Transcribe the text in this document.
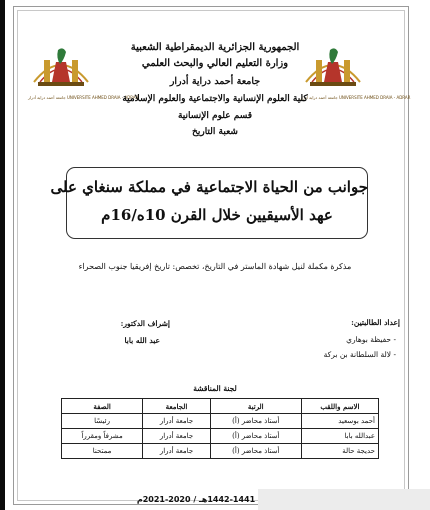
جامعة أحمد دراية أدرار UNIVERSITE AHMED DRAIA - ADRAR	جامعة أحمد دراية أدرار UNIVERSITE AHMED DRAIA - ADRAR
الجمهورية الجزائرية الديمقراطية الشعبية
وزارة التعليم العالي والبحث العلمي
جامعة أحمد دراية أدرار
كلية العلوم الإنسانية والاجتماعية والعلوم الإسلامية
قسم علوم الإنسانية
شعبة التاريخ
جوانب من الحياة الاجتماعية في مملكة سنغاي على
عهد الأسيقيين خلال القرن 10ه/16م
مذكرة مكملة لنيل شهادة الماستر في التاريخ، تخصص: تاريخ إفريقيا جنوب الصحراء
إعداد الطالبتين:
- حفيظة بوهاري
- لالة السلطانة بن بركة
إشراف الدكتور:
عبد الله بابا
لجنة المناقشة
الاسم واللقب	الرتبة	الجامعة	الصفة
أحمد بوسعيد	أستاذ محاضر (أ)	جامعة أدرار	رئيسًا
عبدالله بابا	أستاذ محاضر (أ)	جامعة أدرار	مشرفاً ومقرراً
حديجة حالة	أستاذ محاضر (أ)	جامعة أدرار	ممتحنا
1442-1441هـ / 2020-2021م
